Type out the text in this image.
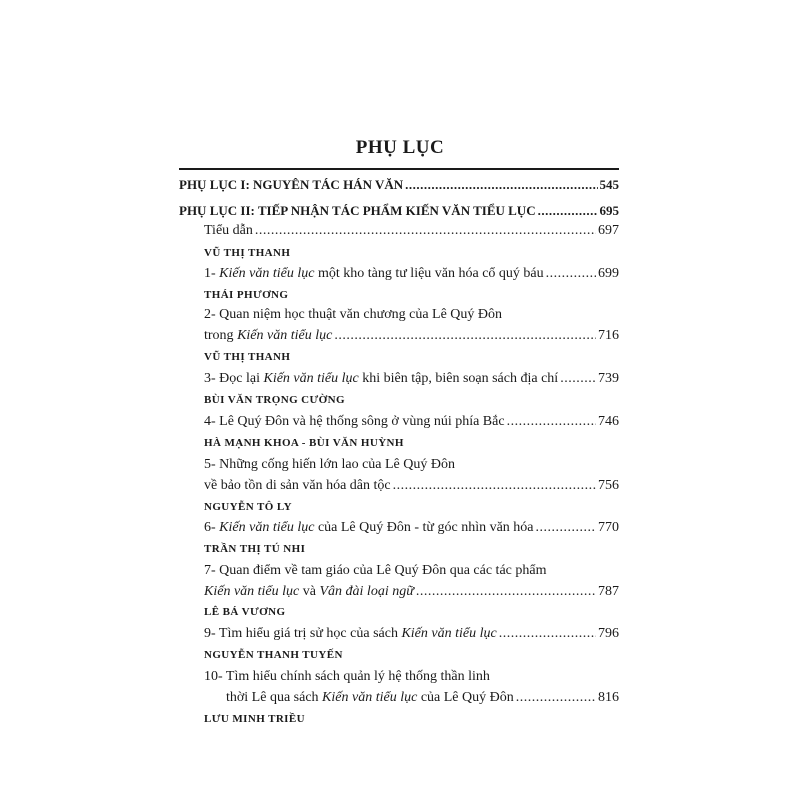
PHỤ LỤC
PHỤ LỤC I: NGUYÊN TÁC HÁN VĂN .....	545
PHỤ LỤC II: TIẾP NHẬN TÁC PHẨM KIẾN VĂN TIỂU LỤC .....	695
Tiểu dẫn .....	697
VŨ THỊ THANH
1- Kiến văn tiểu lục một kho tàng tư liệu văn hóa cổ quý báu .....	699
THÁI PHƯƠNG
2- Quan niệm học thuật văn chương của Lê Quý Đôn
trong Kiến văn tiểu lục .....	716
VŨ THỊ THANH
3- Đọc lại Kiến văn tiểu lục khi biên tập, biên soạn sách địa chí .....	739
BÙI VĂN TRỌNG CƯỜNG
4- Lê Quý Đôn và hệ thống sông ở vùng núi phía Bắc .....	746
HÀ MẠNH KHOA - BÙI VĂN HUỲNH
5- Những cống hiến lớn lao của Lê Quý Đôn
về bảo tồn di sản văn hóa dân tộc .....	756
NGUYỄN TÔ LY
6- Kiến văn tiểu lục của Lê Quý Đôn - từ góc nhìn văn hóa .....	770
TRẦN THỊ TÚ NHI
7- Quan điểm về tam giáo của Lê Quý Đôn qua các tác phẩm
Kiến văn tiểu lục và Vân đài loại ngữ .....	787
LÊ BÁ VƯƠNG
9- Tìm hiểu giá trị sử học của sách Kiến văn tiểu lục .....	796
NGUYỄN THANH TUYẾN
10- Tìm hiểu chính sách quản lý hệ thống thần linh
thời Lê qua sách Kiến văn tiểu lục của Lê Quý Đôn .....	816
LƯU MINH TRIỀU
